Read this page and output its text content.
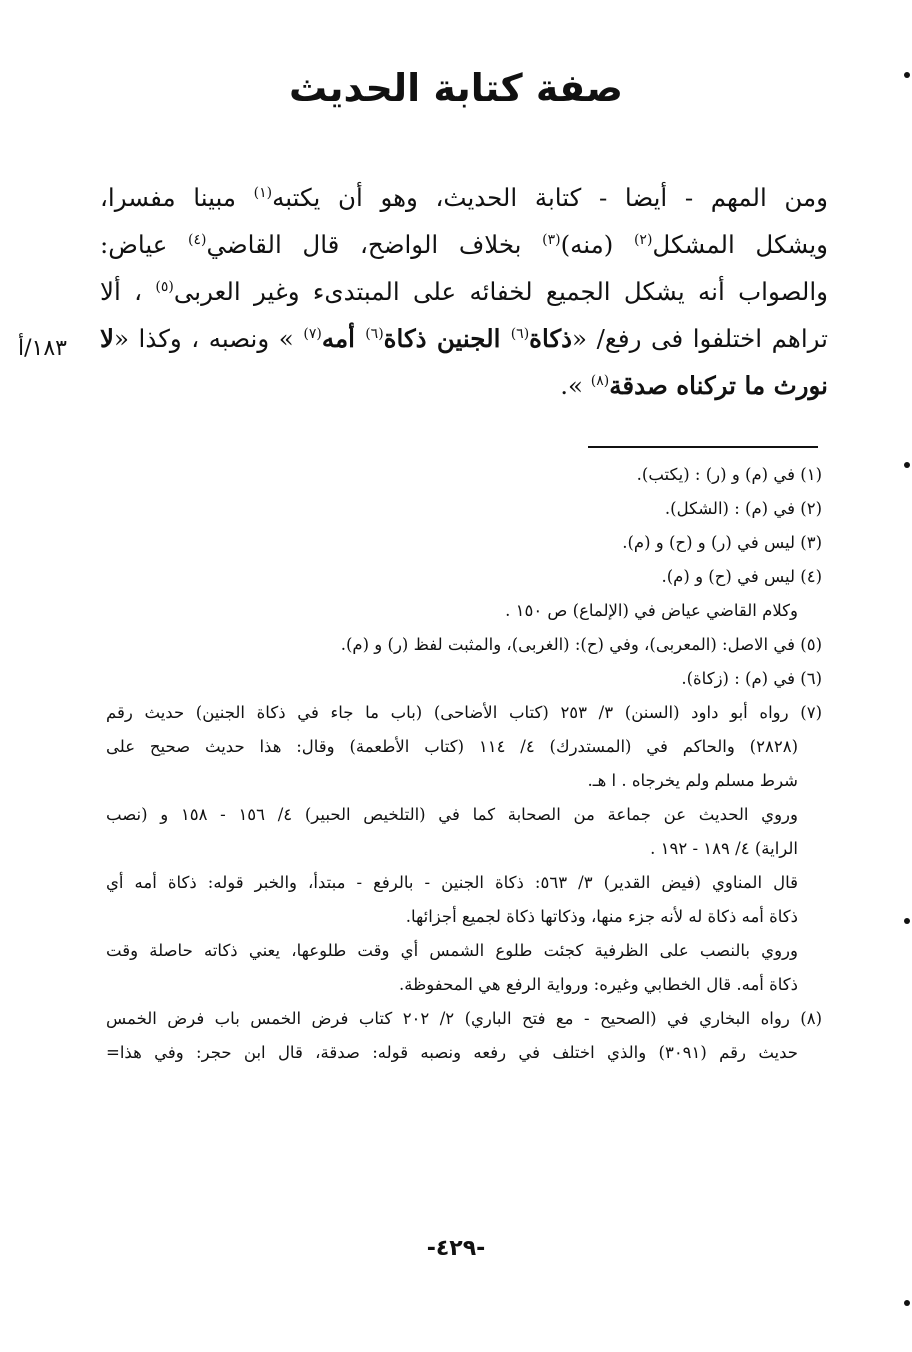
صفة كتابة الحديث
ومن المهم - أيضا - كتابة الحديث، وهو أن يكتبه$^{(١)}$ مبينا مفسرا،
ويشكل المشكل$^{(٢)}$ (منه)$^{(٣)}$ بخلاف الواضح، قال القاضي$^{(٤)}$ عياض:
والصواب أنه يشكل الجميع لخفائه على المبتدىء وغير العربى$^{(٥)}$ ، ألا
تراهم اختلفوا فى رفع/ «ذكاة$^{(٦)}$ الجنين ذكاة$^{(٦)}$ أمه$^{(٧)}$ » ونصبه ، وكذا «لا
نورث ما تركناه صدقة$^{(٨)}$ ».
١٨٣/أ
(١) في (م) و (ر) : (يكتب).
(٢) في (م) : (الشكل).
(٣) ليس في (ر) و (ح) و (م).
(٤) ليس في (ح) و (م).
وكلام القاضي عياض في (الإلماع) ص ١٥٠ .
(٥) في الاصل: (المعربى)، وفي (ح): (الغربى)، والمثبت لفظ (ر) و (م).
(٦) في (م) : (زكاة).
(٧) رواه أبو داود (السنن) ٣/ ٢٥٣ (كتاب الأضاحى) (باب ما جاء في ذكاة الجنين) حديث رقم
(٢٨٢٨) والحاكم في (المستدرك) ٤/ ١١٤ (كتاب الأطعمة) وقال: هذا حديث صحيح على
شرط مسلم ولم يخرجاه . ا هـ.
وروي الحديث عن جماعة من الصحابة كما في (التلخيص الحبير) ٤/ ١٥٦ - ١٥٨ و (نصب
الراية) ٤/ ١٨٩ - ١٩٢ .
قال المناوي (فيض القدير) ٣/ ٥٦٣: ذكاة الجنين - بالرفع - مبتدأ، والخبر قوله: ذكاة أمه أي
ذكاة أمه ذكاة له لأنه جزء منها، وذكاتها ذكاة لجميع أجزائها.
وروي بالنصب على الظرفية كجئت طلوع الشمس أي وقت طلوعها، يعني ذكاته حاصلة وقت
ذكاة أمه. قال الخطابي وغيره: ورواية الرفع هي المحفوظة.
(٨) رواه البخاري في (الصحيح - مع فتح الباري) ٢/ ٢٠٢ كتاب فرض الخمس باب فرض الخمس
حديث رقم (٣٠٩١) والذي اختلف في رفعه ونصبه قوله: صدقة، قال ابن حجر: وفي هذا=
-٤٢٩-
